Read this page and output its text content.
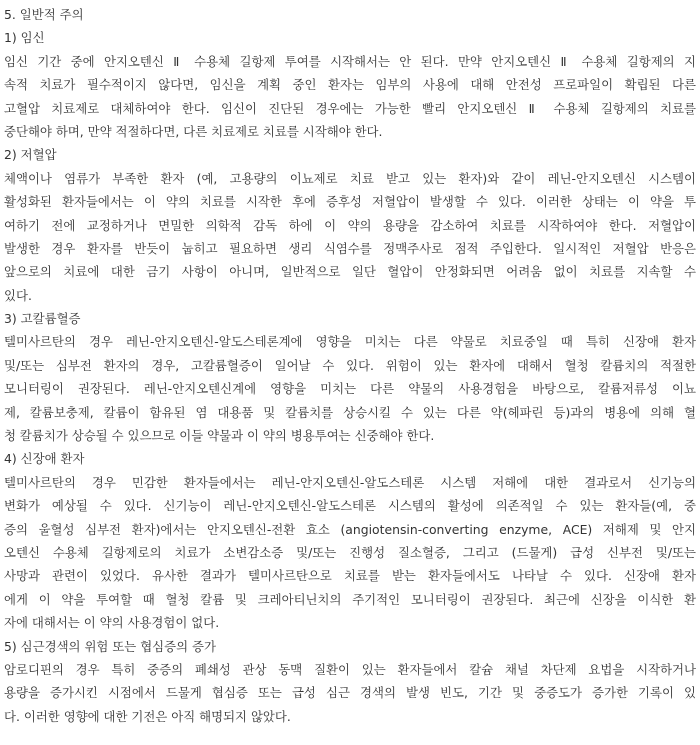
5. 일반적 주의
1) 임신
임신 기간 중에 안지오텐신 Ⅱ 수용체 길항제 투여를 시작해서는 안 된다. 만약 안지오텐신 Ⅱ 수용체 길항제의 지
속적 치료가 필수적이지 않다면, 임신을 계획 중인 환자는 임부의 사용에 대해 안전성 프로파일이 확립된 다른
고혈압 치료제로 대체하여야 한다. 임신이 진단된 경우에는 가능한 빨리 안지오텐신 Ⅱ 수용체 길항제의 치료를
중단해야 하며, 만약 적절하다면, 다른 치료제로 치료를 시작해야 한다.
2) 저혈압
체액이나 염류가 부족한 환자 (예, 고용량의 이뇨제로 치료 받고 있는 환자)와 같이 레닌-안지오텐신 시스템이
활성화된 환자들에서는 이 약의 치료를 시작한 후에 증후성 저혈압이 발생할 수 있다. 이러한 상태는 이 약을 투
여하기 전에 교정하거나 면밀한 의학적 감독 하에 이 약의 용량을 감소하여 치료를 시작하여야 한다. 저혈압이
발생한 경우 환자를 반듯이 눕히고 필요하면 생리 식염수를 정맥주사로 점적 주입한다. 일시적인 저혈압 반응은
앞으로의 치료에 대한 금기 사항이 아니며, 일반적으로 일단 혈압이 안정화되면 어려움 없이 치료를 지속할 수
있다.
3) 고칼륨혈증
텔미사르탄의 경우 레닌-안지오텐신-알도스테론계에 영향을 미치는 다른 약물로 치료중일 때 특히 신장애 환자
및/또는 심부전 환자의 경우, 고칼륨혈증이 일어날 수 있다. 위험이 있는 환자에 대해서 혈청 칼륨치의 적절한
모니터링이 권장된다. 레닌-안지오텐신계에 영향을 미치는 다른 약물의 사용경험을 바탕으로, 칼륨저류성 이뇨
제, 칼륨보충제, 칼륨이 함유된 염 대용품 및 칼륨치를 상승시킬 수 있는 다른 약(헤파린 등)과의 병용에 의해 혈
청 칼륨치가 상승될 수 있으므로 이들 약물과 이 약의 병용투여는 신중해야 한다.
4) 신장애 환자
텔미사르탄의 경우 민감한 환자들에서는 레닌-안지오텐신-알도스테론 시스템 저해에 대한 결과로서 신기능의
변화가 예상될 수 있다. 신기능이 레닌-안지오텐신-알도스테론 시스템의 활성에 의존적일 수 있는 환자들(예, 중
증의 울혈성 심부전 환자)에서는 안지오텐신-전환 효소 (angiotensin-converting enzyme, ACE) 저해제 및 안지
오텐신 수용체 길항제로의 치료가 소변감소증 및/또는 진행성 질소혈증, 그리고 (드물게) 급성 신부전 및/또는
사망과 관련이 있었다. 유사한 결과가 텔미사르탄으로 치료를 받는 환자들에서도 나타날 수 있다. 신장애 환자
에게 이 약을 투여할 때 혈청 칼륨 및 크레아티닌치의 주기적인 모니터링이 권장된다. 최근에 신장을 이식한 환
자에 대해서는 이 약의 사용경험이 없다.
5) 심근경색의 위험 또는 협심증의 증가
암로디핀의 경우 특히 중증의 폐쇄성 관상 동맥 질환이 있는 환자들에서 칼슘 채널 차단제 요법을 시작하거나
용량을 증가시킨 시점에서 드물게 협심증 또는 급성 심근 경색의 발생 빈도, 기간 및 중증도가 증가한 기록이 있
다. 이러한 영향에 대한 기전은 아직 해명되지 않았다.
